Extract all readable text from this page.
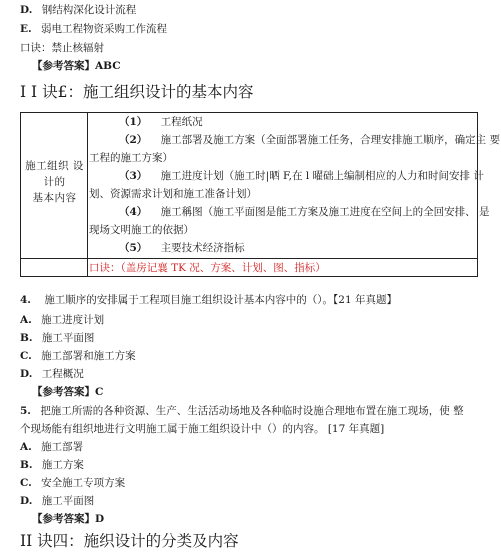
D. 钢结构深化设计流程
E. 弱电工程物资采购工作流程
口诀：禁止核辐射
【参考答案】ABC
I I 诀£：施工组织设计的基本内容
施工组织 设
计的
基本内容
（1） 工程纸况
（2） 施工部署及施工方案（全面部署施工任务，合理安排施工顺序，确定主 要
工程的施工方案）
（3） 施工进度计划（施工时|晒 F,在 l 曜础上编制相应的人力和时间安排 计
划、资源需求计划和施工准备计划）
（4） 施工稱图（施工平面图是能工方案及施工进度在空间上的全回安排、 是
现场文明施工的依据）
（5） 主要技术经济指标
口诀：（盖房记襄 TK 况、方案、计划、图、指标）
4. 施工顺序的安排属于工程项目施工组织设计基本内容中的（）。【21 年真题】
A. 施工进度计划
B. 施工平面图
C. 施工部署和施工方案
D. 工程概况
【参考答案】C
5. 把施工所需的各种资源、生产、生活活动场地及各种临时设施合理地布置在施工现场，使 整
个现场能有组织地进行文明施工属于施工组织设计中（）的内容。 [17 年真题]
A. 施工部署
B. 施工方案
C. 安全施工专项方案
D. 施工平面图
【参考答案】D
II 诀四：施织设计的分类及内容
